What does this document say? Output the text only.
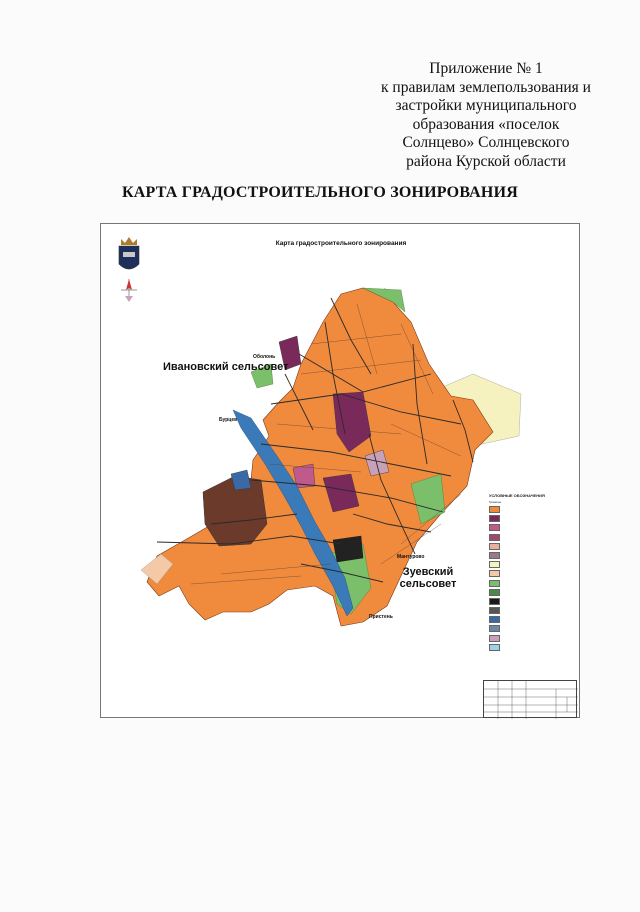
Приложение № 1
к правилам землепользования и
застройки муниципального
образования «поселок
Солнцево» Солнцевского
района Курской области
КАРТА ГРАДОСТРОИТЕЛЬНОГО ЗОНИРОВАНИЯ
Карта градостроительного зонирования
Ивановский сельсовет
Зуевский сельсовет
Оболонь
Бурцев
Мантурово
Пристень
УСЛОВНЫЕ ОБОЗНАЧЕНИЯ
Границы
